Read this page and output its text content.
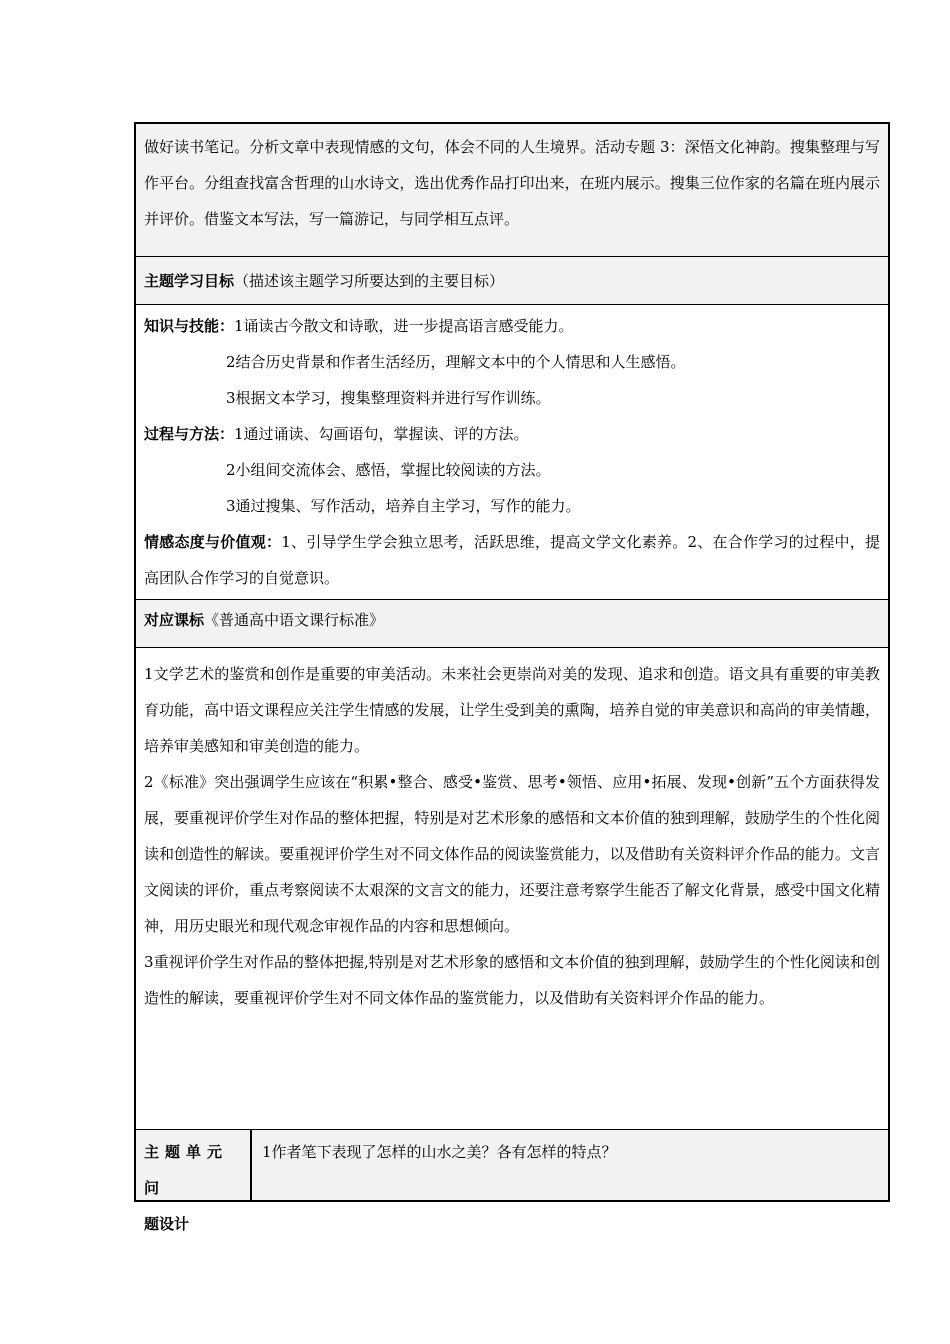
做好读书笔记。分析文章中表现情感的文句，体会不同的人生境界。活动专题 3：深悟文化神韵。搜集整理与写作平台。分组查找富含哲理的山水诗文，选出优秀作品打印出来，在班内展示。搜集三位作家的名篇在班内展示并评价。借鉴文本写法，写一篇游记，与同学相互点评。

主题学习目标（描述该主题学习所要达到的主要目标）

知识与技能：1诵读古今散文和诗歌，进一步提高语言感受能力。

2结合历史背景和作者生活经历，理解文本中的个人情思和人生感悟。

3根据文本学习，搜集整理资料并进行写作训练。

过程与方法：1通过诵读、勾画语句，掌握读、评的方法。

2小组间交流体会、感悟，掌握比较阅读的方法。

3通过搜集、写作活动，培养自主学习，写作的能力。

情感态度与价值观：1、引导学生学会独立思考，活跃思维，提高文学文化素养。2、在合作学习的过程中，提高团队合作学习的自觉意识。

对应课标《普通高中语文课行标准》

1文学艺术的鉴赏和创作是重要的审美活动。未来社会更崇尚对美的发现、追求和创造。语文具有重要的审美教育功能，高中语文课程应关注学生情感的发展，让学生受到美的熏陶，培养自觉的审美意识和高尚的审美情趣，培养审美感知和审美创造的能力。

2《标准》突出强调学生应该在“积累•整合、感受•鉴赏、思考•领悟、应用•拓展、发现•创新”五个方面获得发展，要重视评价学生对作品的整体把握，特别是对艺术形象的感悟和文本价值的独到理解，鼓励学生的个性化阅读和创造性的解读。要重视评价学生对不同文体作品的阅读鉴赏能力，以及借助有关资料评介作品的能力。文言文阅读的评价，重点考察阅读不太艰深的文言文的能力，还要注意考察学生能否了解文化背景，感受中国文化精神，用历史眼光和现代观念审视作品的内容和思想倾向。

3重视评价学生对作品的整体把握,特别是对艺术形象的感悟和文本价值的独到理解，鼓励学生的个性化阅读和创造性的解读，要重视评价学生对不同文体作品的鉴赏能力，以及借助有关资料评介作品的能力。

主题单元问

题设计

1作者笔下表现了怎样的山水之美？各有怎样的特点？
